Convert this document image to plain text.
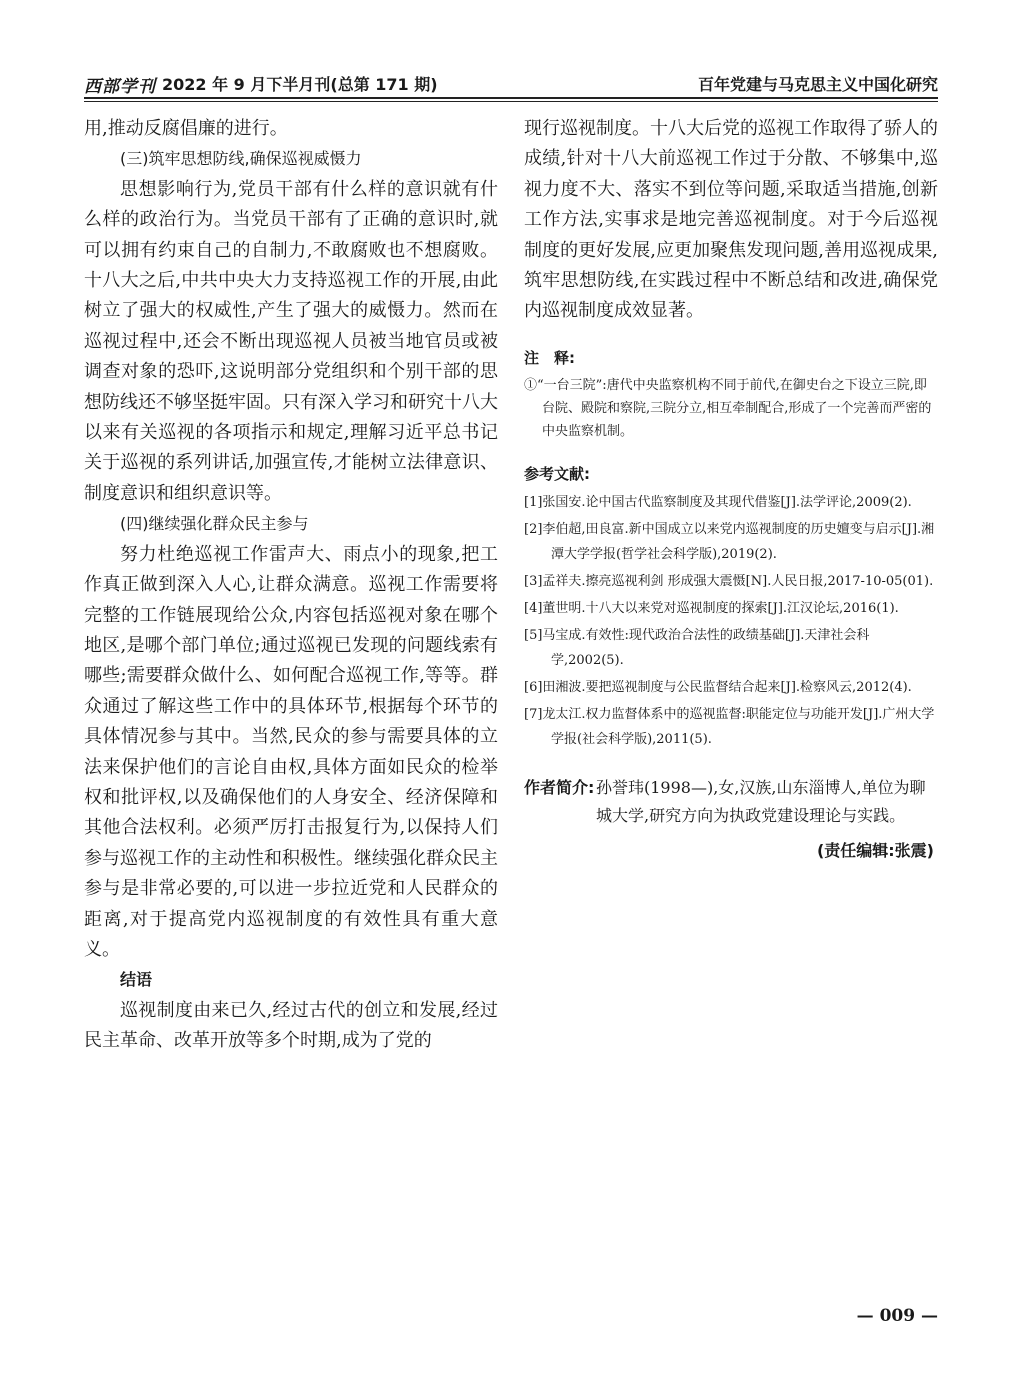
西部学刊 2022 年 9 月下半月刊(总第 171 期)	百年党建与马克思主义中国化研究

用,推动反腐倡廉的进行。

(三)筑牢思想防线,确保巡视威慑力

思想影响行为,党员干部有什么样的意识就有什么样的政治行为。当党员干部有了正确的意识时,就可以拥有约束自己的自制力,不敢腐败也不想腐败。十八大之后,中共中央大力支持巡视工作的开展,由此树立了强大的权威性,产生了强大的威慑力。然而在巡视过程中,还会不断出现巡视人员被当地官员或被调查对象的恐吓,这说明部分党组织和个别干部的思想防线还不够坚挺牢固。只有深入学习和研究十八大以来有关巡视的各项指示和规定,理解习近平总书记关于巡视的系列讲话,加强宣传,才能树立法律意识、制度意识和组织意识等。

(四)继续强化群众民主参与

努力杜绝巡视工作雷声大、雨点小的现象,把工作真正做到深入人心,让群众满意。巡视工作需要将完整的工作链展现给公众,内容包括巡视对象在哪个地区,是哪个部门单位;通过巡视已发现的问题线索有哪些;需要群众做什么、如何配合巡视工作,等等。群众通过了解这些工作中的具体环节,根据每个环节的具体情况参与其中。当然,民众的参与需要具体的立法来保护他们的言论自由权,具体方面如民众的检举权和批评权,以及确保他们的人身安全、经济保障和其他合法权利。必须严厉打击报复行为,以保持人们参与巡视工作的主动性和积极性。继续强化群众民主参与是非常必要的,可以进一步拉近党和人民群众的距离,对于提高党内巡视制度的有效性具有重大意义。

结语

巡视制度由来已久,经过古代的创立和发展,经过民主革命、改革开放等多个时期,成为了党的

现行巡视制度。十八大后党的巡视工作取得了骄人的成绩,针对十八大前巡视工作过于分散、不够集中,巡视力度不大、落实不到位等问题,采取适当措施,创新工作方法,实事求是地完善巡视制度。对于今后巡视制度的更好发展,应更加聚焦发现问题,善用巡视成果,筑牢思想防线,在实践过程中不断总结和改进,确保党内巡视制度成效显著。

注　释:

①“一台三院”:唐代中央监察机构不同于前代,在御史台之下设立三院,即台院、殿院和察院,三院分立,相互牵制配合,形成了一个完善而严密的中央监察机制。

参考文献:

[1]张国安.论中国古代监察制度及其现代借鉴[J].法学评论,2009(2).

[2]李伯超,田良富.新中国成立以来党内巡视制度的历史嬗变与启示[J].湘潭大学学报(哲学社会科学版),2019(2).

[3]孟祥夫.擦亮巡视利剑 形成强大震慑[N].人民日报,2017-10-05(01).

[4]董世明.十八大以来党对巡视制度的探索[J].江汉论坛,2016(1).

[5]马宝成.有效性:现代政治合法性的政绩基础[J].天津社会科学,2002(5).

[6]田湘波.要把巡视制度与公民监督结合起来[J].检察风云,2012(4).

[7]龙太江.权力监督体系中的巡视监督:职能定位与功能开发[J].广州大学学报(社会科学版),2011(5).

作者简介: 孙誉玮(1998—),女,汉族,山东淄博人,单位为聊城大学,研究方向为执政党建设理论与实践。
(责任编辑:张震)
— 009 —
